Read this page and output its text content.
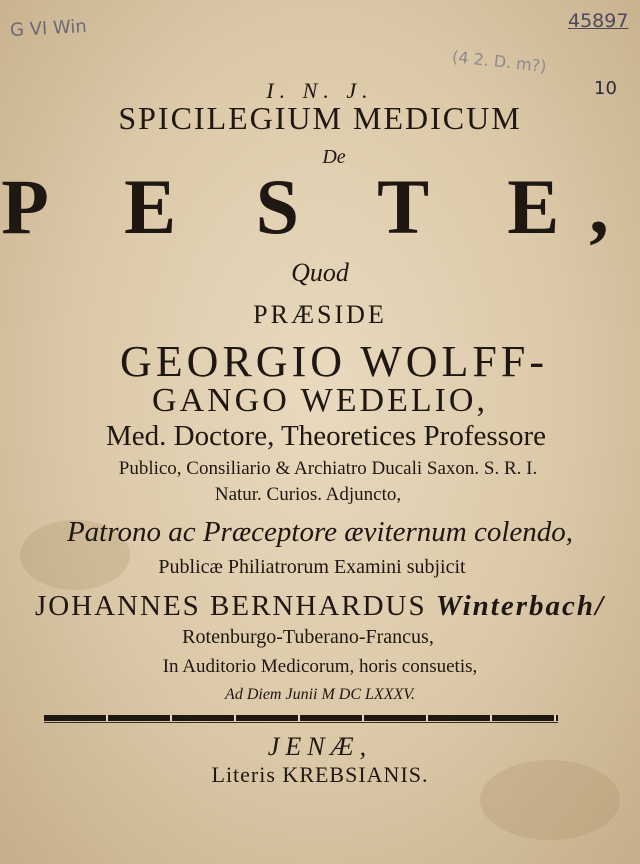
G VI Win	45897
(4 2. D. m?)
10
I. N. J.
SPICILEGIUM MEDICUM
De
P E S T E,
Quod
PRÆSIDE
GEORGIO WOLFF-
GANGO WEDELIO,
Med. Doctore, Theoretices Professore
Publico, Consiliario & Archiatro Ducali Saxon. S. R. I.
Natur. Curios. Adjuncto,
Patrono ac Præceptore æviternum colendo,
Publicæ Philiatrorum Examini subjicit
JOHANNES BERNHARDUS Winterbach/
Rotenburgo-Tuberano-Francus,
In Auditorio Medicorum, horis consuetis,
Ad Diem Junii M DC LXXXV.
JENÆ,
Literis KREBSIANIS.
